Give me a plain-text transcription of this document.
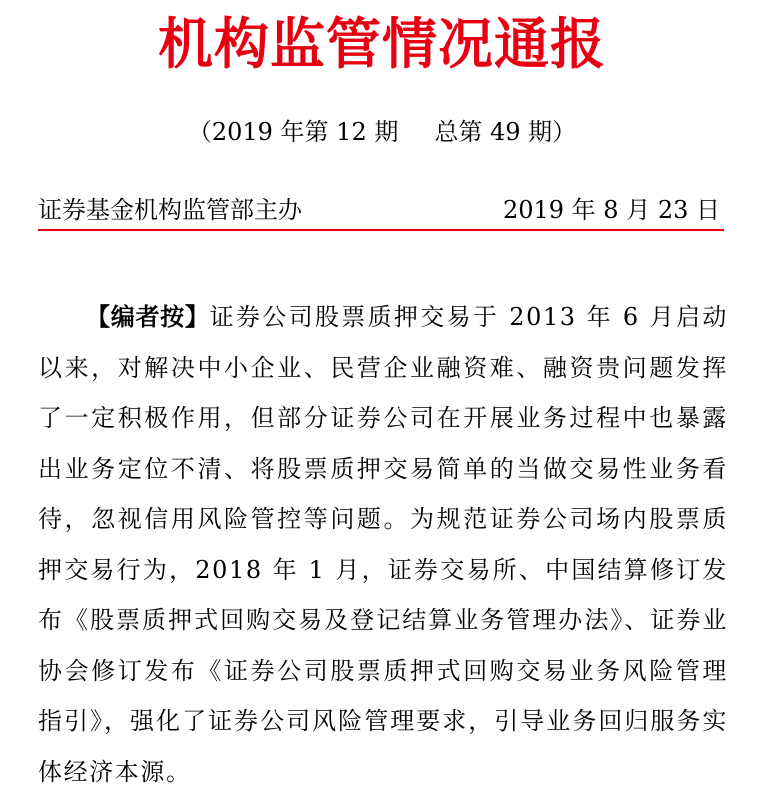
机构监管情况通报
（2019 年第 12 期 总第 49 期）
证券基金机构监管部主办	2019 年 8 月 23 日

【编者按】证券公司股票质押交易于 2013 年 6 月启动以来，对解决中小企业、民营企业融资难、融资贵问题发挥了一定积极作用，但部分证券公司在开展业务过程中也暴露出业务定位不清、将股票质押交易简单的当做交易性业务看待，忽视信用风险管控等问题。为规范证券公司场内股票质押交易行为，2018 年 1 月，证券交易所、中国结算修订发布《股票质押式回购交易及登记结算业务管理办法》、证券业协会修订发布《证券公司股票质押式回购交易业务风险管理指引》，强化了证券公司风险管理要求，引导业务回归服务实体经济本源。
